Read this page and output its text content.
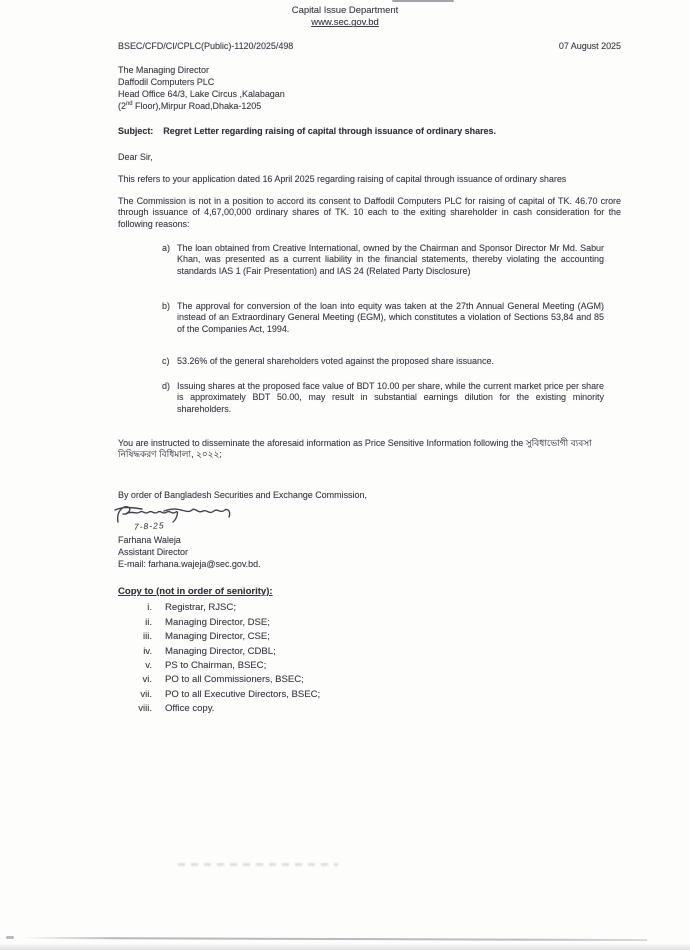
Capital Issue Department
www.sec.gov.bd
BSEC/CFD/CI/CPLC(Public)-1120/2025/498	07 August 2025
The Managing Director
Daffodil Computers PLC
Head Office 64/3, Lake Circus ,Kalabagan
(2nd Floor),Mirpur Road,Dhaka-1205
Subject: Regret Letter regarding raising of capital through issuance of ordinary shares.
Dear Sir,

This refers to your application dated 16 April 2025 regarding raising of capital through issuance of ordinary shares

The Commission is not in a position to accord its consent to Daffodil Computers PLC for raising of capital of TK. 46.70 crore through issuance of 4,67,00,000 ordinary shares of TK. 10 each to the exiting shareholder in cash consideration for the following reasons:

a) The loan obtained from Creative International, owned by the Chairman and Sponsor Director Mr Md. Sabur Khan, was presented as a current liability in the financial statements, thereby violating the accounting standards IAS 1 (Fair Presentation) and IAS 24 (Related Party Disclosure)
b) The approval for conversion of the loan into equity was taken at the 27th Annual General Meeting (AGM) instead of an Extraordinary General Meeting (EGM), which constitutes a violation of Sections 53,84 and 85 of the Companies Act, 1994.
c) 53.26% of the general shareholders voted against the proposed share issuance.
d) Issuing shares at the proposed face value of BDT 10.00 per share, while the current market price per share is approximately BDT 50.00, may result in substantial earnings dilution for the existing minority shareholders.

You are instructed to disseminate the aforesaid information as Price Sensitive Information following the সুবিধাভোগী ব্যবসা নিষিদ্ধকরণ বিধিমালা, ২০২২;

By order of Bangladesh Securities and Exchange Commission,
7-8-25
Farhana Waleja
Assistant Director
E-mail: farhana.wajeja@sec.gov.bd.
Copy to (not in order of seniority):
i. Registrar, RJSC;
ii. Managing Director, DSE;
iii. Managing Director, CSE;
iv. Managing Director, CDBL;
v. PS to Chairman, BSEC;
vi. PO to all Commissioners, BSEC;
vii. PO to all Executive Directors, BSEC;
viii. Office copy.
